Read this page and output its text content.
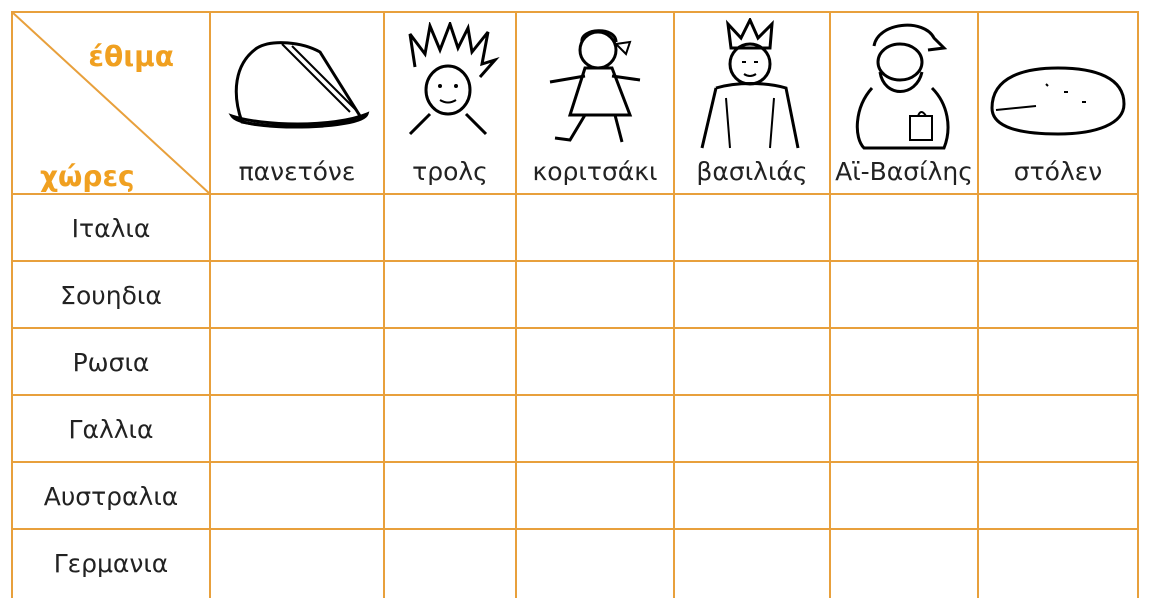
έθιμα
χώρες	πανετόνε	τρολς	κοριτσάκι	βασιλιάς	Αϊ-Βασίλης	στόλεν
Ιταλια
Σουηδια
Ρωσια
Γαλλια
Αυστραλια
Γερμανια
